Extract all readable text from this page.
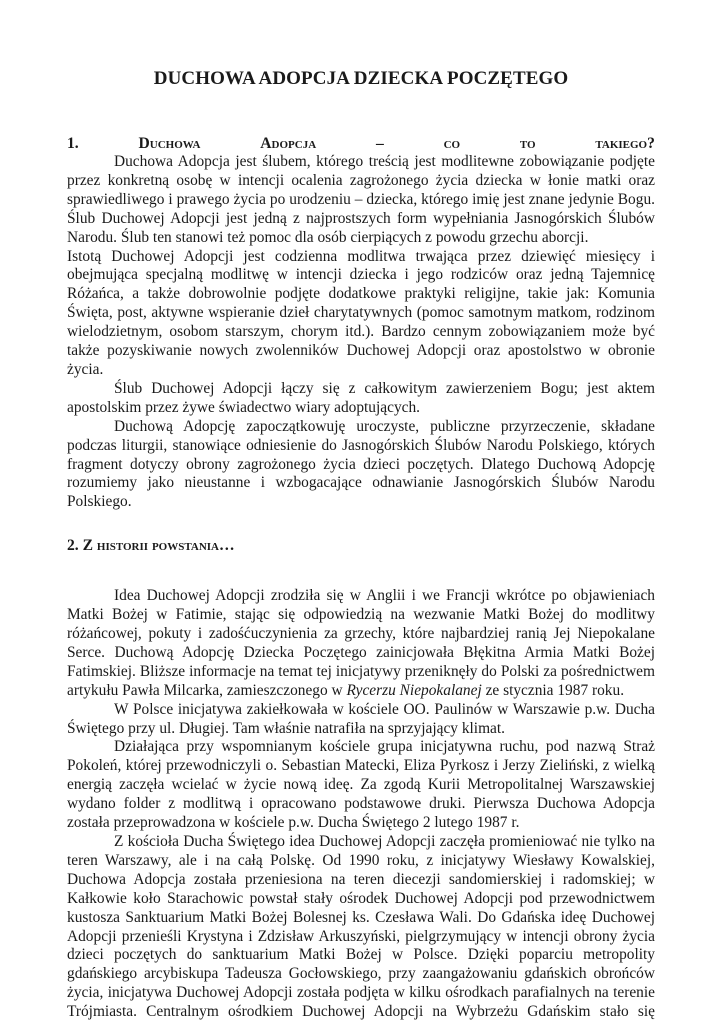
DUCHOWA ADOPCJA DZIECKA POCZĘTEGO
1.	Duchowa	Adopcja	–	co	to	takiego?

Duchowa Adopcja jest ślubem, którego treścią jest modlitewne zobowiązanie podjęte przez konkretną osobę w intencji ocalenia zagrożonego życia dziecka w łonie matki oraz sprawiedliwego i prawego życia po urodzeniu – dziecka, którego imię jest znane jedynie Bogu. Ślub Duchowej Adopcji jest jedną z najprostszych form wypełniania Jasnogórskich Ślubów Narodu. Ślub ten stanowi też pomoc dla osób cierpiących z powodu grzechu aborcji.

Istotą Duchowej Adopcji jest codzienna modlitwa trwająca przez dziewięć miesięcy i obejmująca specjalną modlitwę w intencji dziecka i jego rodziców oraz jedną Tajemnicę Różańca, a także dobrowolnie podjęte dodatkowe praktyki religijne, takie jak: Komunia Święta, post, aktywne wspieranie dzieł charytatywnych (pomoc samotnym matkom, rodzinom wielodzietnym, osobom starszym, chorym itd.). Bardzo cennym zobowiązaniem może być także pozyskiwanie nowych zwolenników Duchowej Adopcji oraz apostolstwo w obronie życia.

Ślub Duchowej Adopcji łączy się z całkowitym zawierzeniem Bogu; jest aktem apostolskim przez żywe świadectwo wiary adoptujących.

Duchową Adopcję zapoczątkowuję uroczyste, publiczne przyrzeczenie, składane podczas liturgii, stanowiące odniesienie do Jasnogórskich Ślubów Narodu Polskiego, których fragment dotyczy obrony zagrożonego życia dzieci poczętych. Dlatego Duchową Adopcję rozumiemy jako nieustanne i wzbogacające odnawianie Jasnogórskich Ślubów Narodu Polskiego.

2. Z historii powstania…

Idea Duchowej Adopcji zrodziła się w Anglii i we Francji wkrótce po objawieniach Matki Bożej w Fatimie, stając się odpowiedzią na wezwanie Matki Bożej do modlitwy różańcowej, pokuty i zadośćuczynienia za grzechy, które najbardziej ranią Jej Niepokalane Serce. Duchową Adopcję Dziecka Poczętego zainicjowała Błękitna Armia Matki Bożej Fatimskiej. Bliższe informacje na temat tej inicjatywy przeniknęły do Polski za pośrednictwem artykułu Pawła Milcarka, zamieszczonego w Rycerzu Niepokalanej ze stycznia 1987 roku.

W Polsce inicjatywa zakiełkowała w kościele OO. Paulinów w Warszawie p.w. Ducha Świętego przy ul. Długiej. Tam właśnie natrafiła na sprzyjający klimat.

Działająca przy wspomnianym kościele grupa inicjatywna ruchu, pod nazwą Straż Pokoleń, której przewodniczyli o. Sebastian Matecki, Eliza Pyrkosz i Jerzy Zieliński, z wielką energią zaczęła wcielać w życie nową ideę. Za zgodą Kurii Metropolitalnej Warszawskiej wydano folder z modlitwą i opracowano podstawowe druki. Pierwsza Duchowa Adopcja została przeprowadzona w kościele p.w. Ducha Świętego 2 lutego 1987 r.

Z kościoła Ducha Świętego idea Duchowej Adopcji zaczęła promieniować nie tylko na teren Warszawy, ale i na całą Polskę. Od 1990 roku, z inicjatywy Wiesławy Kowalskiej, Duchowa Adopcja została przeniesiona na teren diecezji sandomierskiej i radomskiej; w Kałkowie koło Starachowic powstał stały ośrodek Duchowej Adopcji pod przewodnictwem kustosza Sanktuarium Matki Bożej Bolesnej ks. Czesława Wali. Do Gdańska ideę Duchowej Adopcji przenieśli Krystyna i Zdzisław Arkuszyński, pielgrzymujący w intencji obrony życia dzieci poczętych do sanktuarium Matki Bożej w Polsce. Dzięki poparciu metropolity gdańskiego arcybiskupa Tadeusza Gocłowskiego, przy zaangażowaniu gdańskich obrońców życia, inicjatywa Duchowej Adopcji została podjęta w kilku ośrodkach parafialnych na terenie Trójmiasta. Centralnym ośrodkiem Duchowej Adopcji na Wybrzeżu Gdańskim stało się
